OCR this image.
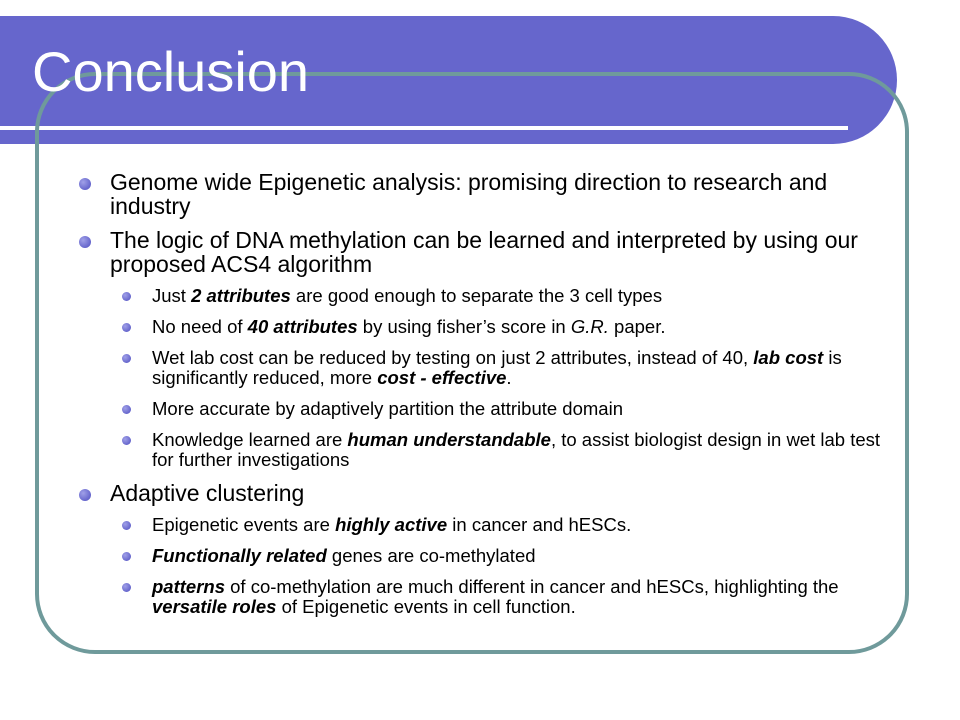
Conclusion
Genome wide Epigenetic analysis: promising direction to research and industry
The logic of DNA methylation can be learned and interpreted by using our proposed ACS4 algorithm
Just 2 attributes are good enough to separate the 3 cell types
No need of 40 attributes by using fisher’s score in G.R. paper.
Wet lab cost can be reduced by testing on just 2 attributes, instead of 40, lab cost is significantly reduced, more cost - effective.
More accurate by adaptively partition the attribute domain
Knowledge learned are human understandable, to assist biologist design in wet lab test for further investigations
Adaptive clustering
Epigenetic events are highly active in cancer and hESCs.
Functionally related genes are co-methylated
patterns of co-methylation are much different in cancer and hESCs, highlighting the versatile roles of Epigenetic events in cell function.
